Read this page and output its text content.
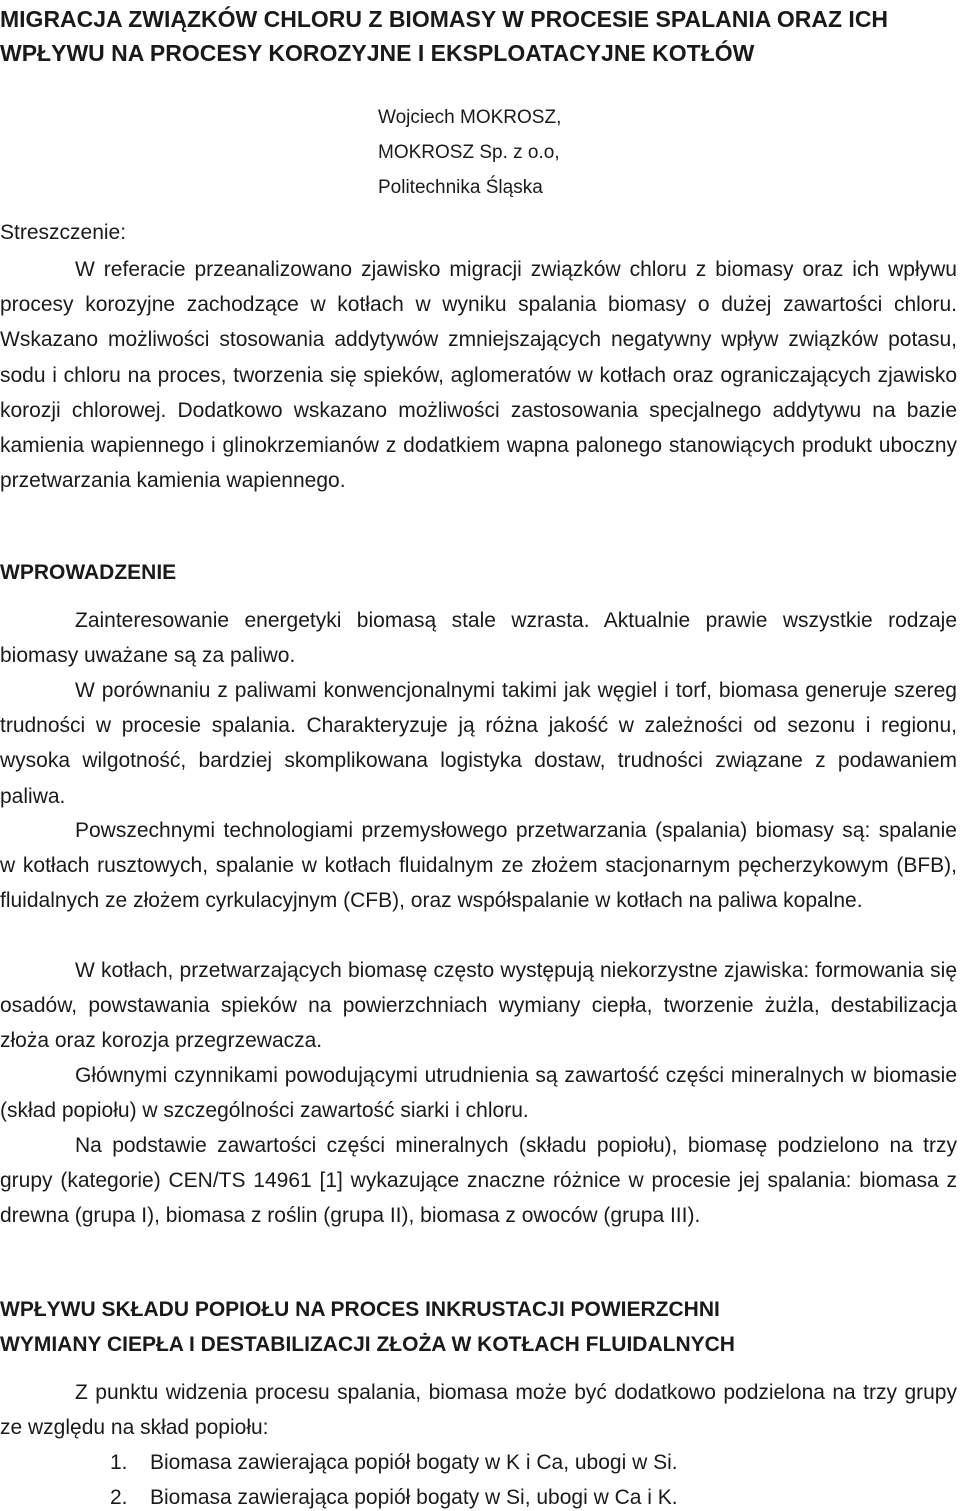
MIGRACJA ZWIĄZKÓW CHLORU Z BIOMASY W PROCESIE SPALANIA ORAZ ICH WPŁYWU NA PROCESY KOROZYJNE I EKSPLOATACYJNE KOTŁÓW
Wojciech MOKROSZ,
MOKROSZ Sp. z o.o,
Politechnika Śląska
Streszczenie:

W referacie przeanalizowano zjawisko migracji związków chloru z biomasy oraz ich wpływu procesy korozyjne zachodzące w kotłach w wyniku spalania biomasy o dużej zawartości chloru. Wskazano możliwości stosowania addytywów zmniejszających negatywny wpływ związków potasu, sodu i chloru na proces, tworzenia się spieków, aglomeratów w kotłach oraz ograniczających zjawisko korozji chlorowej. Dodatkowo wskazano możliwości zastosowania specjalnego addytywu na bazie kamienia wapiennego i glinokrzemianów z dodatkiem wapna palonego stanowiących produkt uboczny przetwarzania kamienia wapiennego.

WPROWADZENIE

Zainteresowanie energetyki biomasą stale wzrasta. Aktualnie prawie wszystkie rodzaje biomasy uważane są za paliwo.

W porównaniu z paliwami konwencjonalnymi takimi jak węgiel i torf, biomasa generuje szereg trudności w procesie spalania. Charakteryzuje ją różna jakość w zależności od sezonu i regionu, wysoka wilgotność, bardziej skomplikowana logistyka dostaw, trudności związane z podawaniem paliwa.

Powszechnymi technologiami przemysłowego przetwarzania (spalania) biomasy są: spalanie w kotłach rusztowych, spalanie w kotłach fluidalnym ze złożem stacjonarnym pęcherzykowym (BFB), fluidalnych ze złożem cyrkulacyjnym (CFB), oraz współspalanie w kotłach na paliwa kopalne.

W kotłach, przetwarzających biomasę często występują niekorzystne zjawiska: formowania się osadów, powstawania spieków na powierzchniach wymiany ciepła, tworzenie żużla, destabilizacja złoża oraz korozja przegrzewacza.

Głównymi czynnikami powodującymi utrudnienia są zawartość części mineralnych w biomasie (skład popiołu) w szczególności zawartość siarki i chloru.

Na podstawie zawartości części mineralnych (składu popiołu), biomasę podzielono na trzy grupy (kategorie) CEN/TS 14961 [1] wykazujące znaczne różnice w procesie jej spalania: biomasa z drewna (grupa I), biomasa z roślin (grupa II), biomasa z owoców (grupa III).

WPŁYWU SKŁADU POPIOŁU NA PROCES INKRUSTACJI POWIERZCHNI
WYMIANY CIEPŁA I DESTABILIZACJI ZŁOŻA W KOTŁACH FLUIDALNYCH

Z punktu widzenia procesu spalania, biomasa może być dodatkowo podzielona na trzy grupy ze względu na skład popiołu:

1. Biomasa zawierająca popiół bogaty w K i Ca, ubogi w Si.
2. Biomasa zawierająca popiół bogaty w Si, ubogi w Ca i K.
